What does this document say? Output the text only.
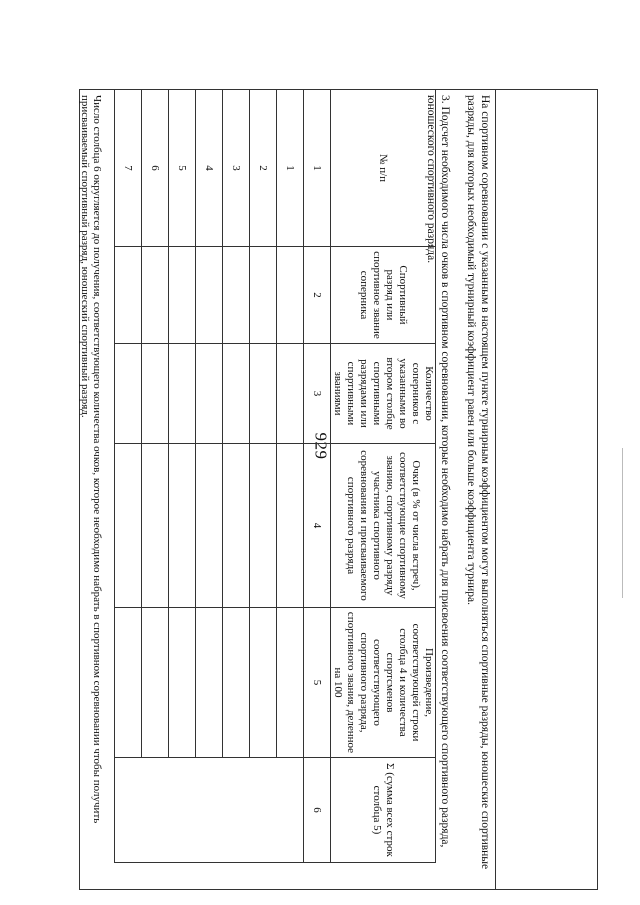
929	На спортивном соревновании с указанным в настоящем пункте турнирным коэффициентом могут выполняться спортивные разряды, юношеские спортивные разряды, для которых необходимый турнирный коэффициент равен или больше коэффициента турнира.
3. Подсчет необходимого числа очков в спортивном соревновании, которые необходимо набрать для присвоения соответствующего спортивного разряда, юношеского спортивного разряда.
№ п/п	Спортивный разряд или спортивное звание соперника	Количество соперников с указанными во втором столбце спортивными разрядами или спортивными званиями	Очки (в % от числа встреч), соответствующие спортивному званию, спортивному разряду участника спортивного соревнования и присваиваемого спортивного разряда	Произведение, соответствующей строки столбца 4 и количества спортсменов соответствующего спортивного разряда, спортивного звания, деленное на 100	Σ (сумма всех строк столбца 5)
1	2	3	4	5	6
1					
2					
3					
4					
5					
6					
7					
Число столбца 6 округляется до получения, соответствующего количества очков, которое необходимо набрать в спортивном соревновании чтобы получить присваиваемый спортивный разряд, юношеский спортивный разряд.
